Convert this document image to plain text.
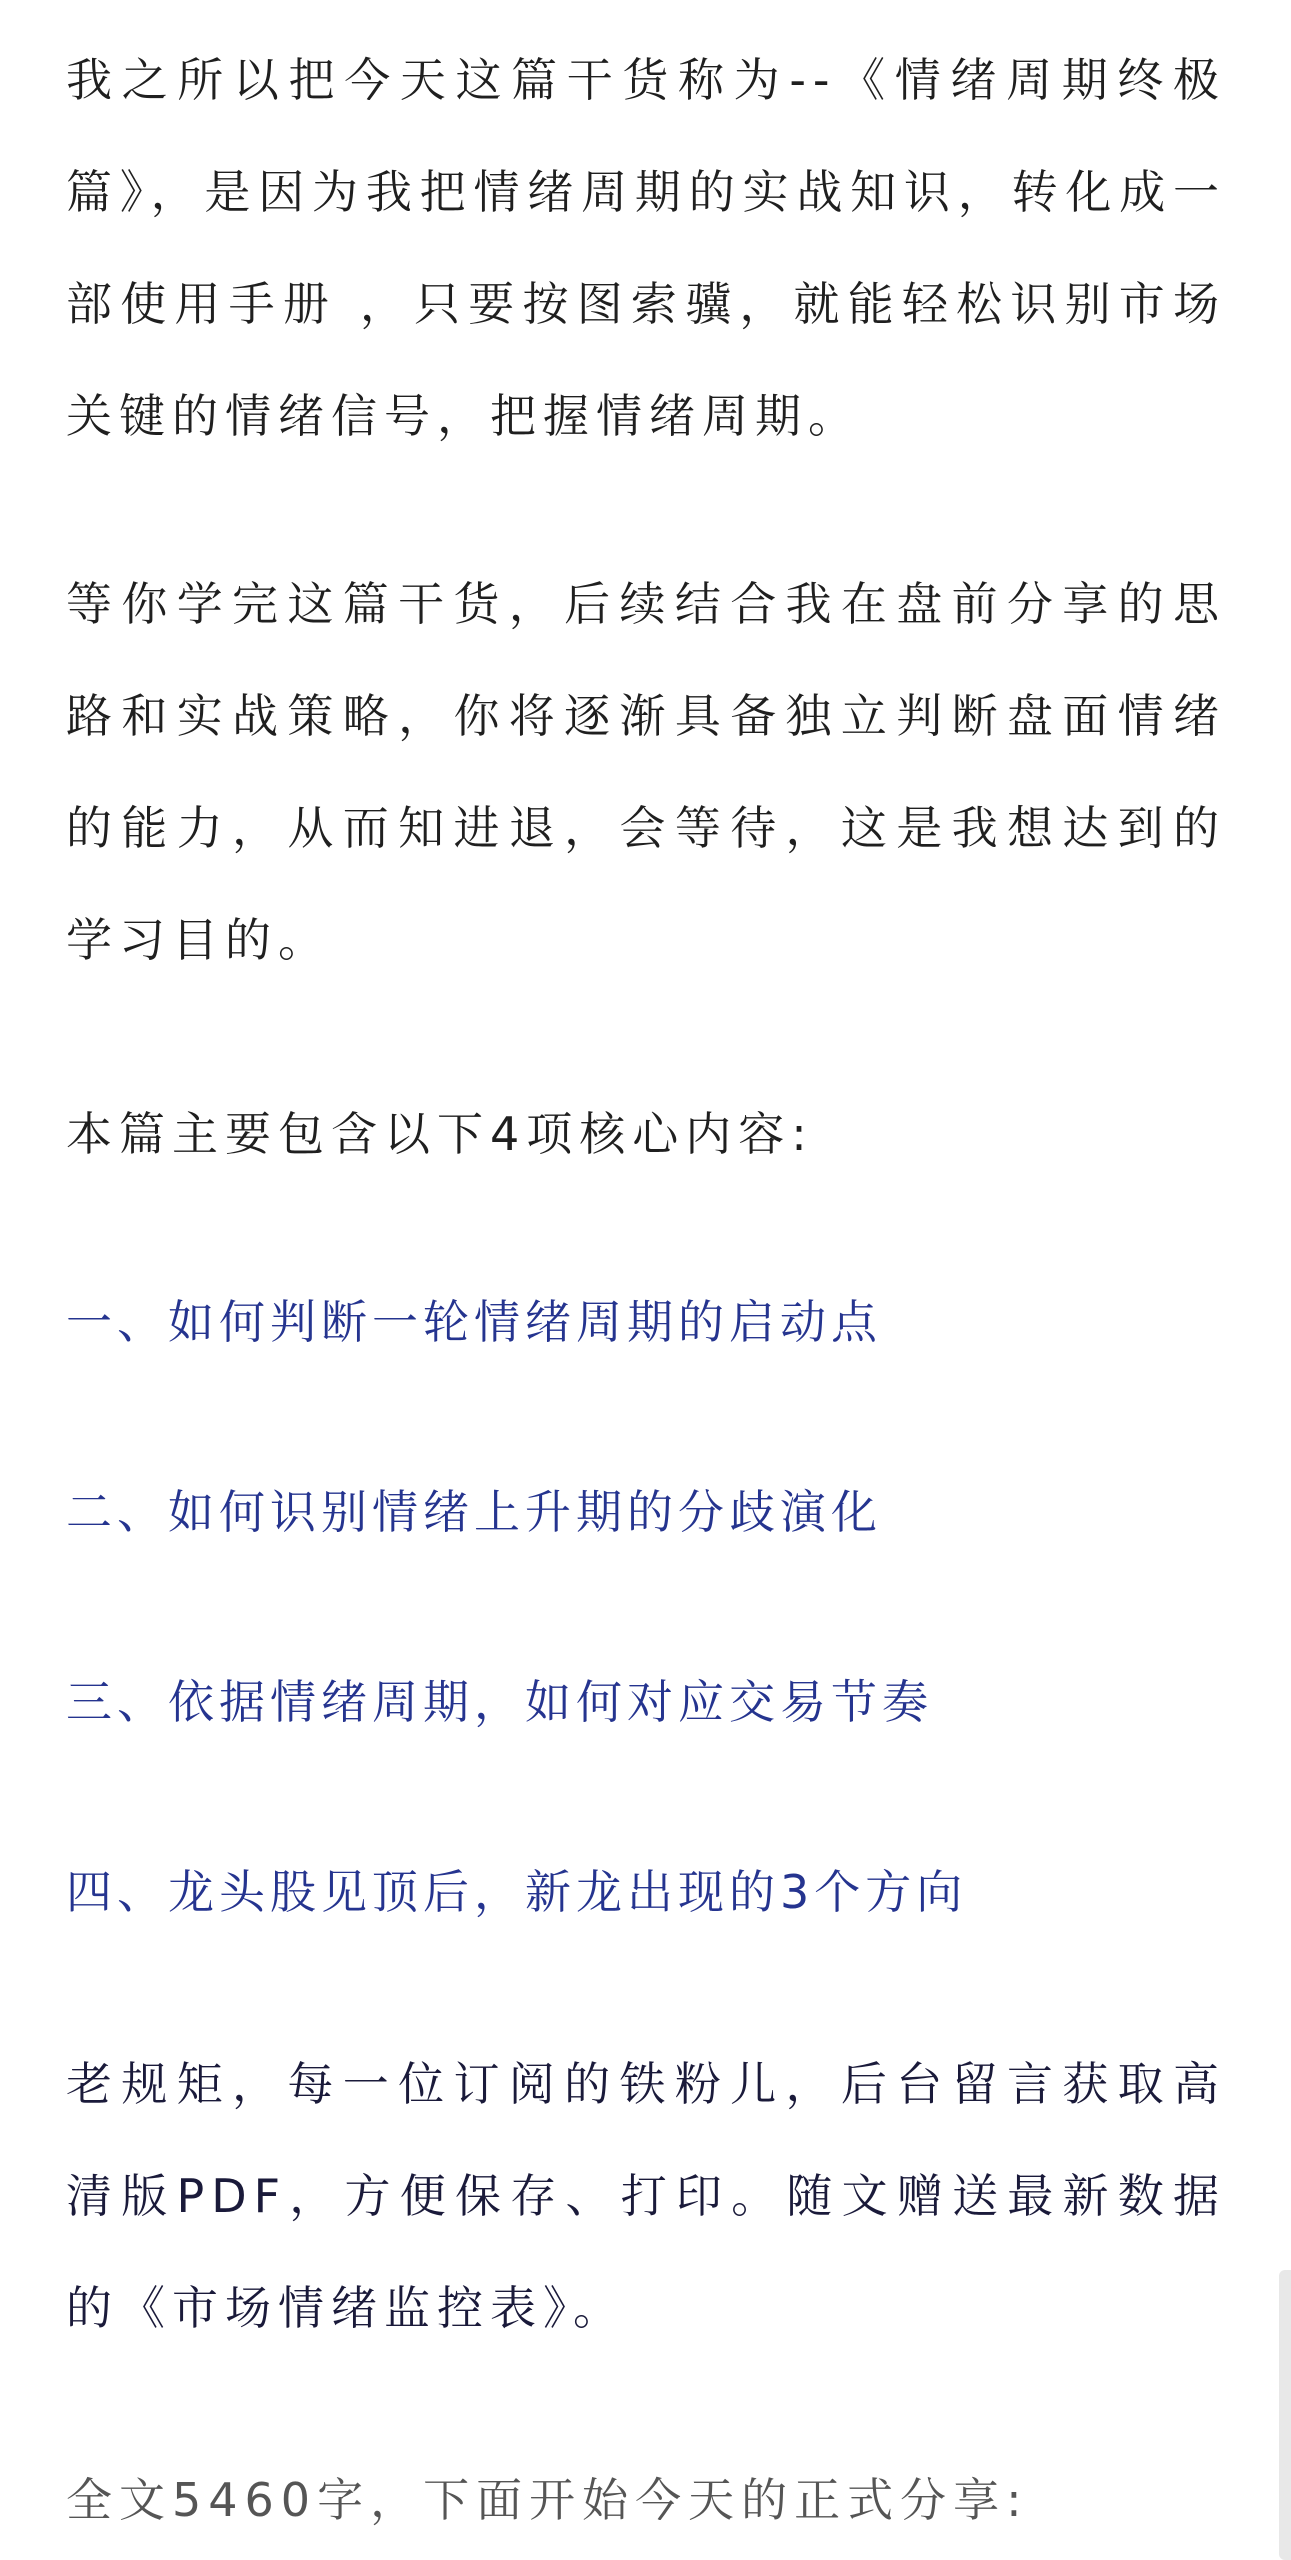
我之所以把今天这篇干货称为--《情绪周期终极篇》，是因为我把情绪周期的实战知识，转化成一部使用手册 ，只要按图索骥，就能轻松识别市场关键的情绪信号，把握情绪周期。

等你学完这篇干货，后续结合我在盘前分享的思路和实战策略，你将逐渐具备独立判断盘面情绪的能力，从而知进退，会等待，这是我想达到的学习目的。

本篇主要包含以下4项核心内容:

一、如何判断一轮情绪周期的启动点

二、如何识别情绪上升期的分歧演化

三、依据情绪周期，如何对应交易节奏

四、龙头股见顶后，新龙出现的3个方向

老规矩，每一位订阅的铁粉儿，后台留言获取高清版PDF，方便保存、打印。随文赠送最新数据的《市场情绪监控表》。

全文5460字，下面开始今天的正式分享:
